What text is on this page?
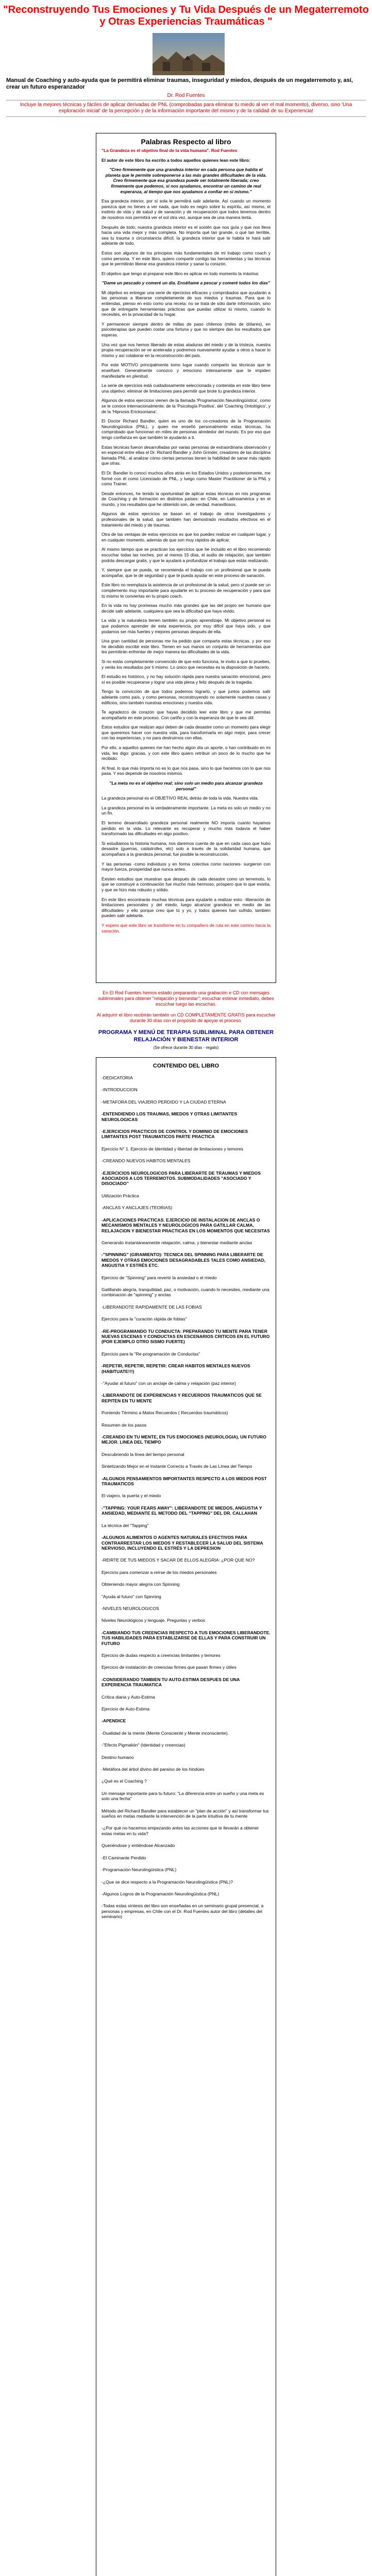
"Reconstruyendo Tus Emociones y Tu Vida Después de un Megaterremoto y Otras Experiencias Traumáticas "
Manual de Coaching y auto-ayuda que te permitirá eliminar traumas, inseguridad y miedos, después de un megaterremoto y, así, crear un futuro esperanzador
Dr. Rod Fuentes
Incluye la mejores técnicas y fáciles de aplicar derivadas de PNL (comprobadas para eliminar tu miedo al ver el mal momento), diverso, sino 'Una exploración inicial' de la percepción y de la información importante del mismo y de la calidad de su Experiencia!
Palabras Respecto al libro

"La Grandeza es el objetivo final de la vida humana". Rod Fuentes

El autor de este libro ha escrito a todos aquellos quienes lean este libro:

"Creo firmemente que una grandeza interior en cada persona que habita el planeta que le permite sobreponerse a las más grandes dificultades de la vida. Creo firmemente que esa grandeza puede ser totalmente liberada; creo firmemente que podemos, si nos ayudamos, encontrar un camino de real esperanza, al tiempo que nos ayudamos a confiar en sí mismo."

Esa grandeza interior, por sí sola le permitirá salir adelante. Así cuando un momento parezca que no tienes a ver nada, que todo es negro sobre tu espíritu, así mismo, el instinto de vida y de salud y de sanación y de recuperación que todos tenemos dentro de nosotros nos permitirá ver el sol otra vez, aunque sea de una manera lenta.

Después de todo; nuestra grandeza interior es el sostén que nos guía y que nos lleva hacia una vida mejor y más completa. No importa qué tan grande, o qué tan terrible, sea tu trauma o circunstancia difícil, la grandeza interior que te habita te hará salir adelante de todo.

Estos son algunos de los principios más fundamentales de mi trabajo como coach y como persona. Y en este libro, quiero compartir contigo las herramientas y las técnicas que te permitirán liberar esa grandeza interior y sanar tu corazón.

El objetivo que tengo al preparar este libro es aplicar en todo momento la máxima:

"Dame un pescado y comeré un día. Enséñame a pescar y comeré todos los días"

Mi objetivo es entregar una serie de ejercicios eficaces y comprobados que ayudarán a las personas a liberarse completamente de sus miedos y traumas. Para que lo entiendas, pienso en esto como una receta: no se trata de sólo darte información, sino que de entregarte herramientas prácticas que puedas utilizar tú mismo, cuando lo necesites, en la privacidad de tu hogar.

Y permanecer siempre dentro de millas de paso chilenos (miles de dólares), en psicoterapias que pueden costar una fortuna y que no siempre dan los resultados que esperas.

Una vez que nos hemos liberado de estas ataduras del miedo y de la tristeza, nuestra propia recuperación se ve acelerada y podremos nuevamente ayudar a otros a hacer lo mismo y así colaborar en la reconstrucción del país.

Por este MOTIVO principalmente tomo lugar cuando comparto las técnicas que te enseñaré. Generalmente conozco y emociono intensamente que te impiden manifestarte en plenitud.

La serie de ejercicios está cuidadosamente seleccionada y contenida en este libro tiene una objetivo: eliminar de limitaciones para permitir que brote tu grandeza interior.

Algunos de estos ejercicios vienen de la llamada 'Programación Neurolingüística', como se le conoce internacionalmente; de la 'Psicología Positiva', del 'Coaching Ontológico', y de la 'Hipnosis Ericksoniana'.

El Doctor Richard Bandler, quien es uno de los co-creadores de la Programación Neurolingüística (PNL), y quien me enseñó personalmente estas técnicas, ha comprobado que funcionan en miles de personas alrededor del mundo. Es por eso que tengo confianza en que también te ayudarán a ti.

Estas técnicas fueron desarrolladas por varias personas de extraordinaria observación y en especial entre ellas el Dr. Richard Bandler y John Grinder, creadores de las disciplina llamada PNL: al analizar cómo ciertas personas tienen la habilidad de sanar más rápido que otras.

El Dr. Bandler lo conocí muchos años atrás en los Estados Unidos y posteriormente, me formé con él como Licenciado de PNL, y luego como Master Practitioner de la PNL y como Trainer.

Desde entonces, he tenido la oportunidad de aplicar estas técnicas en mis programas de Coaching y de formación en distintos países: en Chile, en Latinoamérica y en el mundo, y los resultados que he obtenido son, de verdad, maravillosos.

Algunos de estos ejercicios se basan en el trabajo de otros investigadores y profesionales de la salud, que también han demostrado resultados efectivos en el tratamiento del miedo y de traumas.

Otra de las ventajas de estos ejercicios es que los puedes realizar en cualquier lugar, y en cualquier momento, además de que son muy rápidos de aplicar.

Al mismo tiempo que se practican los ejercicios que he incluido en el libro recomiendo escuchar todas las noches, por al menos 15 días, el audio de relajación, que también podrás descargar gratis, y que te ayudará a profundizar el trabajo que estás realizando.

Y, siempre que se pueda, se recomienda el trabajo con un profesional que te pueda acompañar, que te dé seguridad y que te pueda ayudar en este proceso de sanación.

Este libro no reemplaza la asistencia de un profesional de la salud, pero sí puede ser un complemento muy importante para ayudarte en tu proceso de recuperación y para que tú mismo te conviertas en tu propio coach.

En la vida no hay promesas mucho más grandes que las del propio ser humano que decide salir adelante, cualquiera que sea la dificultad que haya vivido.

La vida y la naturaleza tienen también su propio aprendizaje. Mi objetivo personal es que podamos aprender de esta experiencia, por muy difícil que haya sido, y que podamos ser más fuertes y mejores personas después de ella.

Una gran cantidad de personas me ha pedido que comparta estas técnicas, y por eso he decidido escribir este libro. Tienen en sus manos un conjunto de herramientas que les permitirán enfrentar de mejor manera las dificultades de la vida.

Si no estás completamente convencido de que esto funciona, te invito a que lo pruebes, y verás los resultados por ti mismo. Lo único que necesitas es la disposición de hacerlo.

El estudio es histórico, y no hay solución rápida para nuestra sanación emocional, pero sí es posible recuperarse y lograr una vida plena y feliz después de la tragedia.

Tengo la convicción de que todos podemos lograrlo, y que juntos podemos salir adelante como país, y como personas, reconstruyendo no solamente nuestras casas y edificios, sino también nuestras emociones y nuestra vida.

Te agradezco de corazón que hayas decidido leer este libro y que me permitas acompañarte en este proceso. Con cariño y con la esperanza de que te sea útil.

Estos estudios que realizan aquí deben de cada desastre como un momento para elegir que queremos hacer con nuestra vida, para transformarla en algo mejor, para crecer con las experiencias, y no para destruirnos con ellas.

Por ello, a aquellos quienes me han hecho algún día un aporte, o han contribuido en mi vida, les digo: gracias, y con este libro quiero retribuir un poco de lo mucho que he recibido.

Al final, lo que más importa no es lo que nos pasa, sino lo que hacemos con lo que nos pasa. Y eso depende de nosotros mismos.

"La meta no es el objetivo real; sino solo un medio para alcanzar grandeza personal"

La grandeza personal es el OBJETIVO REAL detrás de toda la vida. Nuestra vida.

La grandeza personal es la verdaderamente importante. La meta es solo un medio y no un fin.

El terreno desarrollado grandeza personal realmente NO importa cuanto hayamos perdido en la vida. Lo relevante es recuperar y mucho más todavía el haber transformado las dificultades en algo positivo.

Si estudiamos la historia humana, nos daremos cuenta de que en cada caso que hubo desastre (guerras, catástrofes, etc) solo a través de la solidaridad humana, que acompañara a la grandeza personal, fue posible la reconstrucción.

Y las personas -como individuos y en forma colectiva como naciones- surgieron con mayor fuerza, prosperidad que nunca antes.

Existen estudios que muestran que después de cada desastre como un terremoto, lo que se construye a continuación fue mucho más hermoso, próspero que lo que existía, y que se hizo más robusto y sólido.

En este libro encontrarás muchas técnicas para ayudarte a realizar esto: -liberación de limitaciones personales y del miedo, luego alcanzar grandeza en medio de las dificultades- y ello porque creo que tú y yo, y todos quienes han sufrido, también pueden salir adelante.

Y espero que este libro se transforme en tu compañero de ruta en este camino hacia la sanación.

En El Rod Fuentes hemos estado preparando una grabación e CD con mensajes subliminales para obtener "relajación y bienestar"; escuchar estimar inmediato, debes escuchar luego las escuchas.

Al adquirir el libro recibirán también un CD COMPLETAMENTE GRATIS para escuchar durante 30 días con el propósito de apoyar el proceso.

PROGRAMA Y MENÚ DE TERAPIA SUBLIMINAL PARA OBTENER RELAJACIÓN Y BIENESTAR INTERIOR

(Se ofrece durante 30 días - regalo)

CONTENIDO DEL LIBRO
-DEDICATORIA
-INTRODUCCION
-METAFORA DEL VIAJERO PERDIDO Y LA CIUDAD ETERNA
-ENTENDIENDO LOS TRAUMAS, MIEDOS Y OTRAS LIMITANTES NEUROLOGICAS
-EJERCICIOS PRACTICOS DE CONTROL Y DOMINIO DE EMOCIONES LIMITANTES POST TRAUMATICOS PARTE PRACTICA
Ejercicio N° 1. Ejercicio de Identidad y libertad de limitaciones y temores
-CREANDO NUEVOS HABITOS MENTALES
-EJERCICIOS NEUROLOGICOS PARA LIBERARTE DE TRAUMAS Y MIEDOS ASOCIADOS A LOS TERREMOTOS. SUBMODALIDADES "ASOCIADO Y DISOCIADO"
Utilización Práctica
-ANCLAS Y ANCLAJES (TEORIAS)
-APLICACIONES PRACTICAS. EJERCICIO DE INSTALACION DE ANCLAS O MECANISMOS MENTALES Y NEUROLOGICOS PARA GATILLAR CALMA, RELAJACION Y BIENESTAR PRACTICAS EN LOS MOMENTOS QUE NECESITAS
Generando instantáneamente relajación, calma, y bienestar mediante anclas
-"SPINNING" (GIRAMIENTO): TECNICA DEL SPINNING PARA LIBERARTE DE MIEDOS Y OTRAS EMOCIONES DESAGRADABLES TALES COMO ANSIEDAD, ANGUSTIA Y ESTRÉS ETC.
Ejercicio de "Spinning" para revertir la ansiedad o el miedo
Gatillando alegría, tranquilidad, paz, o motivación, cuando lo necesites, mediante una combinación de "spinning" y anclas
-LIBERANDOTE RAPIDAMENTE DE LAS FOBIAS
Ejercicio para la "curación rápida de fobias"
-RE-PROGRAMANDO TU CONDUCTA: PREPARANDO TU MENTE PARA TENER NUEVAS ESCENAS Y CONDUCTAS EN ESCENARIOS CRITICOS EN EL FUTURO (POR EJEMPLO OTRO SISMO FUERTE)
Ejercicio para la "Re-programación de Conductas"
-REPETIR, REPETIR, REPETIR: CREAR HABITOS MENTALES NUEVOS (HABITUATE!!!)
-"Ayudar al futuro" con un anclaje de calma y relajación (paz interior)
-LIBERANDOTE DE EXPERIENCIAS Y RECUERDOS TRAUMATICOS QUE SE REPITEN EN TU MENTE
Poniendo Término a Malos Recuerdos ( Recuerdos traumáticos)
Resumen de los pasos
-CREANDO EN TU MENTE, EN TUS EMOCIONES (NEUROLOGIA), UN FUTURO MEJOR. LINEA DEL TIEMPO
Descubriendo la línea del tiempo personal
Sintetizando Mejor en el Instante Correcto a Través de Las Línea del Tiempo
-ALGUNOS PENSAMIENTOS IMPORTANTES RESPECTO A LOS MIEDOS POST TRAUMATICOS
El viajero, la puerta y el miedo
-"TAPPING: YOUR FEARS AWAY": LIBERANDOTE DE MIEDOS, ANGUSTIA Y ANSIEDAD, MEDIANTE EL METODO DEL "TAPPING" DEL DR. CALLAHAN
La técnica del "Tapping"
-ALGUNOS ALIMENTOS O AGENTES NATURALES EFECTIVOS PARA CONTRARRESTAR LOS MIEDOS Y RESTABLECER LA SALUD DEL SISTEMA NERVIOSO, INCLUYENDO EL ESTRÉS Y LA DEPRESION
-REIRTE DE TUS MIEDOS Y SACAR DE ELLOS ALEGRIA: ¿POR QUE NO?
Ejercicio para comenzar a reírse de los miedos personales
Obteniendo mayor alegría con Spinning
"Ayuda al futuro" con Spinning
-NIVELES NEUROLOGICOS
Niveles Neurológicos y lenguaje. Preguntas y verbos
-CAMBIANDO TUS CREENCIAS RESPECTO A TUS EMOCIONES LIBERANDOTE. TUS HABILIDADES PARA ESTABLIZARSE DE ELLAS Y PARA CONSTRUIR UN FUTURO
Ejercicio de dudas respecto a creencias limitantes y temores
Ejercicio de instalación de creencias firmes que pasan firmes y útiles
-CONSIDERANDO TAMBIEN TU AUTO-ESTIMA DESPUES DE UNA EXPERIENCIA TRAUMATICA
Crítica diaria y Auto-Estima
Ejercicio de Auto-Estima
-APENDICE
-Dualidad de la mente (Mente Consciente y Mente inconsciente).
-"Efecto Pigmalión" (Identidad y creencias)
Destino humano
-Metáfora del árbol divino del paraíso de los hindúes
¿Qué es el Coaching ?
Un mensaje importante para tu futuro: "La diferencia entre un sueño y una meta es solo una fecha"
Método del Richard Bandler para establecer un "plan de acción" y así transformar tus sueños en metas mediante la intervención de la parte intuitiva de tu mente
-¿Por qué no hacemos empezando antes las acciones que te llevarán a obtener estas metas en tu vida?
Queriéndose y entiéndose Alcanzado
-El Caminante Perdido
-Programación Neurolingüística (PNL)
-¿Que se dice respecto a la Programación Neurolingüística (PNL)?
-Algunos Logros de la Programación Neurolingüística (PNL)
-Todas estas síntesis del libro son enseñadas en un seminario grupal presencial, a personas y empresas, en Chile con el Dr. Rod Fuentes autor del libro (detalles del seminario)
